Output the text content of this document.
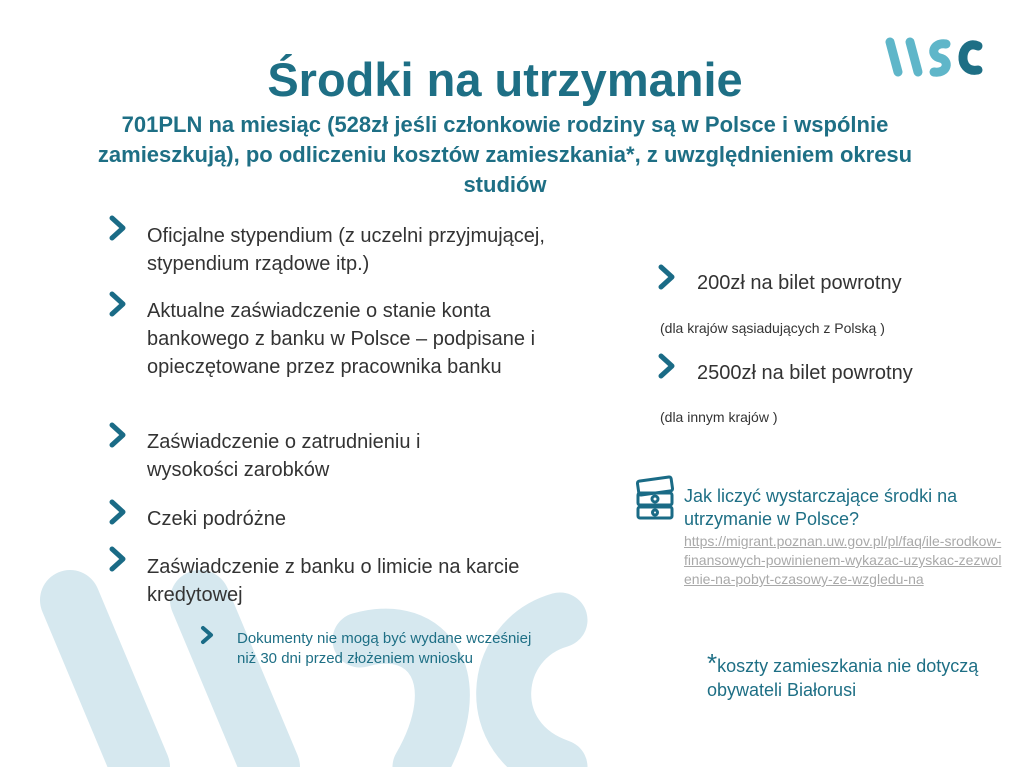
Środki na utrzymanie
701PLN na miesiąc (528zł jeśli członkowie rodziny są w Polsce i wspólnie zamieszkują), po odliczeniu kosztów zamieszkania*, z uwzględnieniem okresu studiów
Oficjalne stypendium (z uczelni przyjmującej, stypendium rządowe itp.)
Aktualne zaświadczenie o stanie konta bankowego z banku w Polsce – podpisane i opieczętowane przez pracownika banku
Zaświadczenie o zatrudnieniu i wysokości zarobków
Czeki podróżne
Zaświadczenie z banku o limicie na karcie kredytowej
Dokumenty nie mogą być wydane wcześniej niż 30 dni przed złożeniem wniosku
200zł na bilet powrotny
(dla krajów sąsiadujących z Polską )
2500zł na bilet powrotny
(dla innym krajów )
Jak liczyć wystarczające środki na utrzymanie w Polsce?
https://migrant.poznan.uw.gov.pl/pl/faq/ile-srodkow-finansowych-powinienem-wykazac-uzyskac-zezwolenie-na-pobyt-czasowy-ze-wzgledu-na
*koszty zamieszkania nie dotyczą obywateli Białorusi
